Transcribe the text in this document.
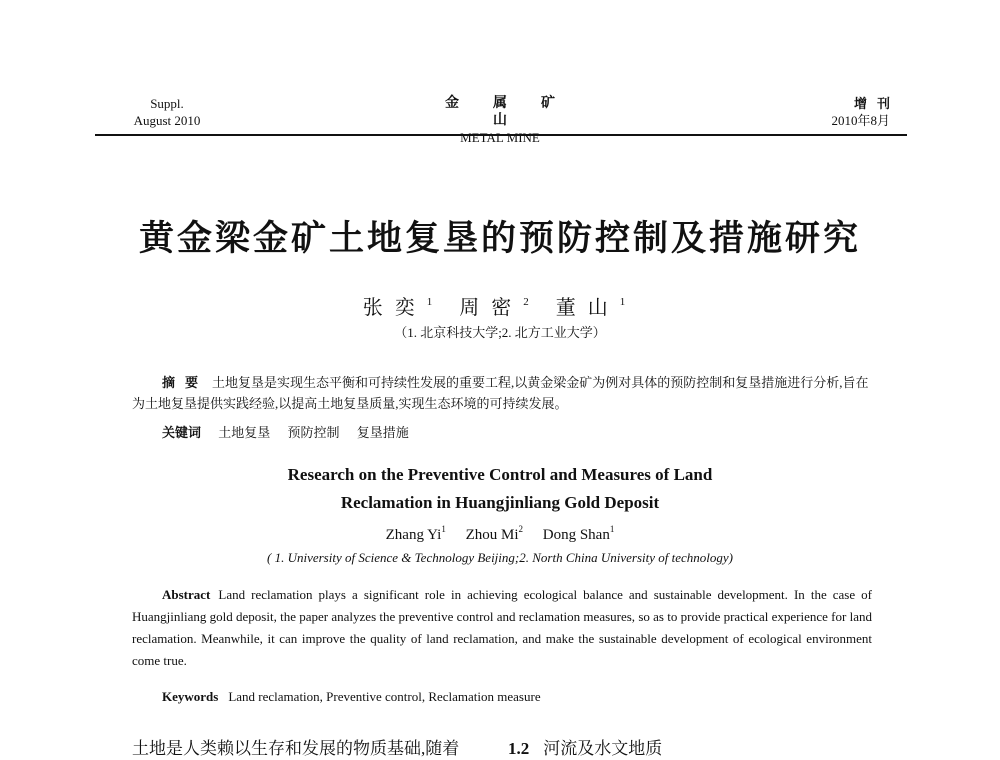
Suppl.
August 2010
金属矿山
METAL MINE
增刊
2010年8月
黄金梁金矿土地复垦的预防控制及措施研究
张奕$^1$ 周密$^2$ 董山$^1$
（1. 北京科技大学;2. 北方工业大学）
摘要 土地复垦是实现生态平衡和可持续性发展的重要工程,以黄金梁金矿为例对具体的预防控制和复垦措施进行分析,旨在为土地复垦提供实践经验,以提高土地复垦质量,实现生态环境的可持续发展。
关键词 土地复垦 预防控制 复垦措施
Research on the Preventive Control and Measures of Land
Reclamation in Huangjinliang Gold Deposit
Zhang Yi$^1$ Zhou Mi$^2$ Dong Shan$^1$
( 1. University of Science & Technology Beijing;2. North China University of technology)
Abstract Land reclamation plays a significant role in achieving ecological balance and sustainable development. In the case of Huangjinliang gold deposit, the paper analyzes the preventive control and reclamation measures, so as to provide practical experience for land reclamation. Meanwhile, it can improve the quality of land reclamation, and make the sustainable development of ecological environment come true.
Keywords Land reclamation, Preventive control, Reclamation measure
土地是人类赖以生存和发展的物质基础,随着	1.2 河流及水文地质
